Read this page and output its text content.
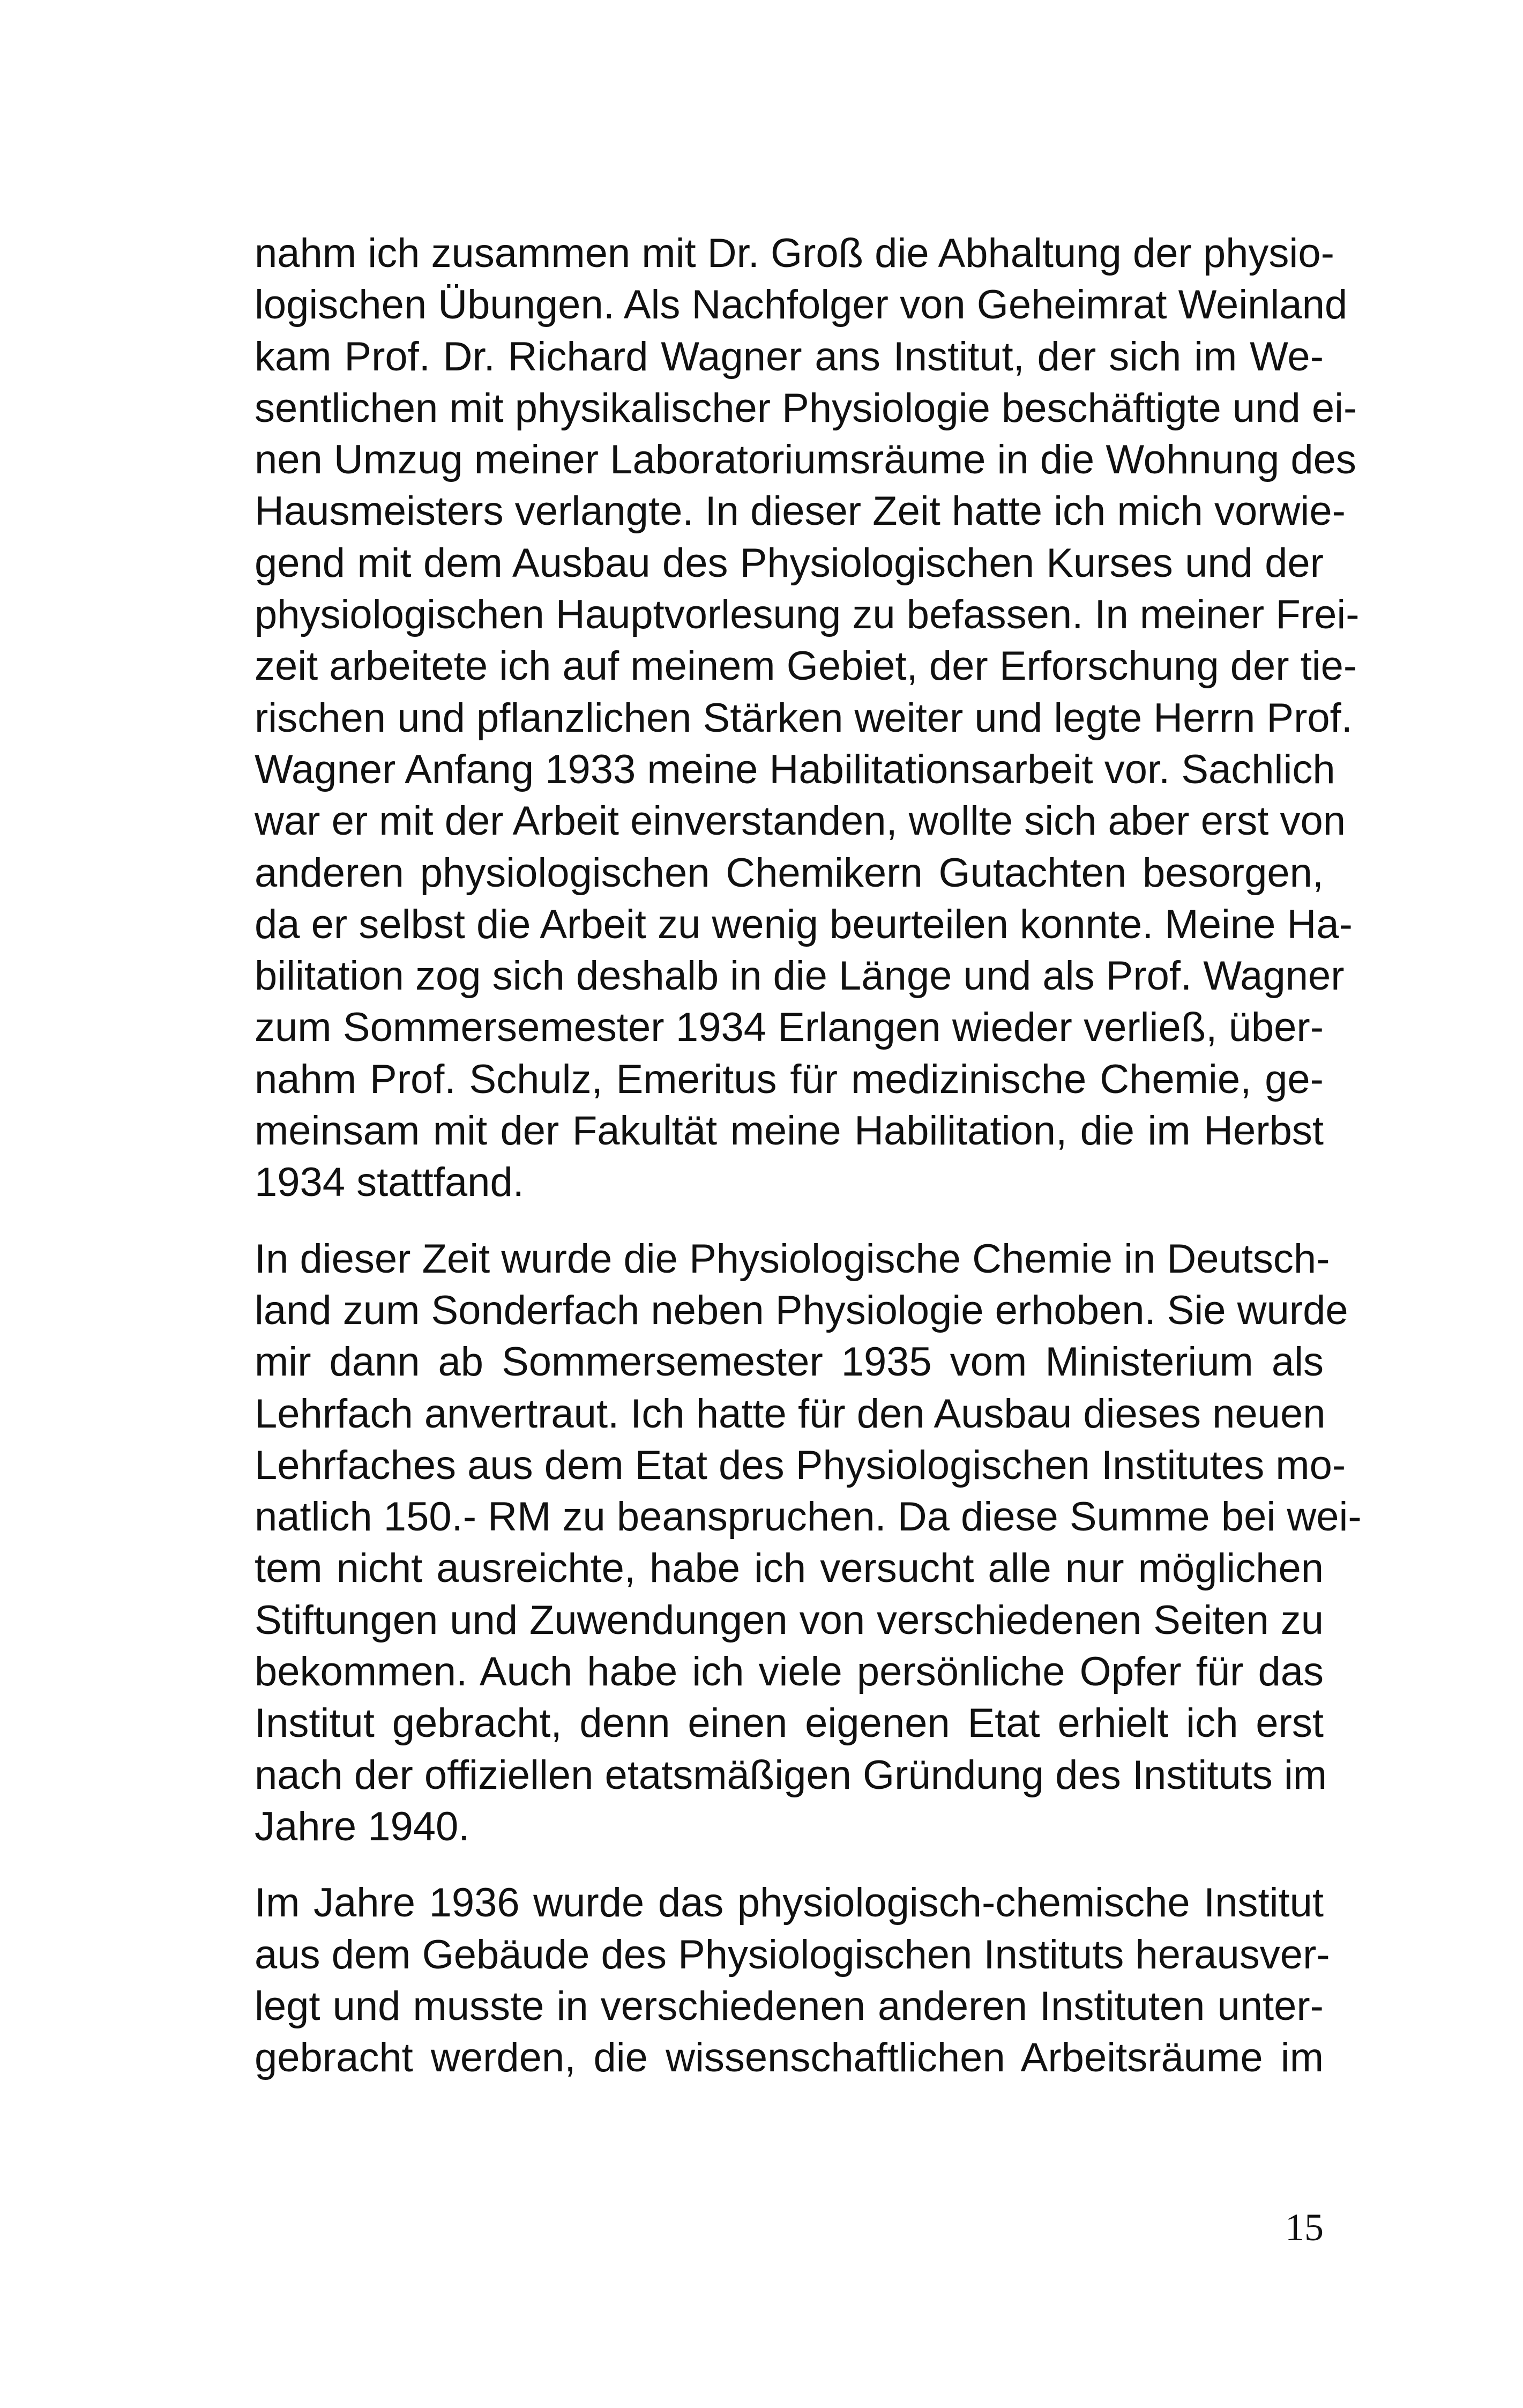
nahm ich zusammen mit Dr. Groß die Abhaltung der physio-
logischen Übungen. Als Nachfolger von Geheimrat Weinland
kam Prof. Dr. Richard Wagner ans Institut, der sich im We-
sentlichen mit physikalischer Physiologie beschäftigte und ei-
nen Umzug meiner Laboratoriumsräume in die Wohnung des
Hausmeisters verlangte. In dieser Zeit hatte ich mich vorwie-
gend mit dem Ausbau des Physiologischen Kurses und der
physiologischen Hauptvorlesung zu befassen. In meiner Frei-
zeit arbeitete ich auf meinem Gebiet, der Erforschung der tie-
rischen und pflanzlichen Stärken weiter und legte Herrn Prof.
Wagner Anfang 1933 meine Habilitationsarbeit vor. Sachlich
war er mit der Arbeit einverstanden, wollte sich aber erst von
anderen physiologischen Chemikern Gutachten besorgen,
da er selbst die Arbeit zu wenig beurteilen konnte. Meine Ha-
bilitation zog sich deshalb in die Länge und als Prof. Wagner
zum Sommersemester 1934 Erlangen wieder verließ, über-
nahm Prof. Schulz, Emeritus für medizinische Chemie, ge-
meinsam mit der Fakultät meine Habilitation, die im Herbst
1934 stattfand.
In dieser Zeit wurde die Physiologische Chemie in Deutsch-
land zum Sonderfach neben Physiologie erhoben. Sie wurde
mir dann ab Sommersemester 1935 vom Ministerium als
Lehrfach anvertraut. Ich hatte für den Ausbau dieses neuen
Lehrfaches aus dem Etat des Physiologischen Institutes mo-
natlich 150.- RM zu beanspruchen. Da diese Summe bei wei-
tem nicht ausreichte, habe ich versucht alle nur möglichen
Stiftungen und Zuwendungen von verschiedenen Seiten zu
bekommen. Auch habe ich viele persönliche Opfer für das
Institut gebracht, denn einen eigenen Etat erhielt ich erst
nach der offiziellen etatsmäßigen Gründung des Instituts im
Jahre 1940.
Im Jahre 1936 wurde das physiologisch-chemische Institut
aus dem Gebäude des Physiologischen Instituts herausver-
legt und musste in verschiedenen anderen Instituten unter-
gebracht werden, die wissenschaftlichen Arbeitsräume im
15
